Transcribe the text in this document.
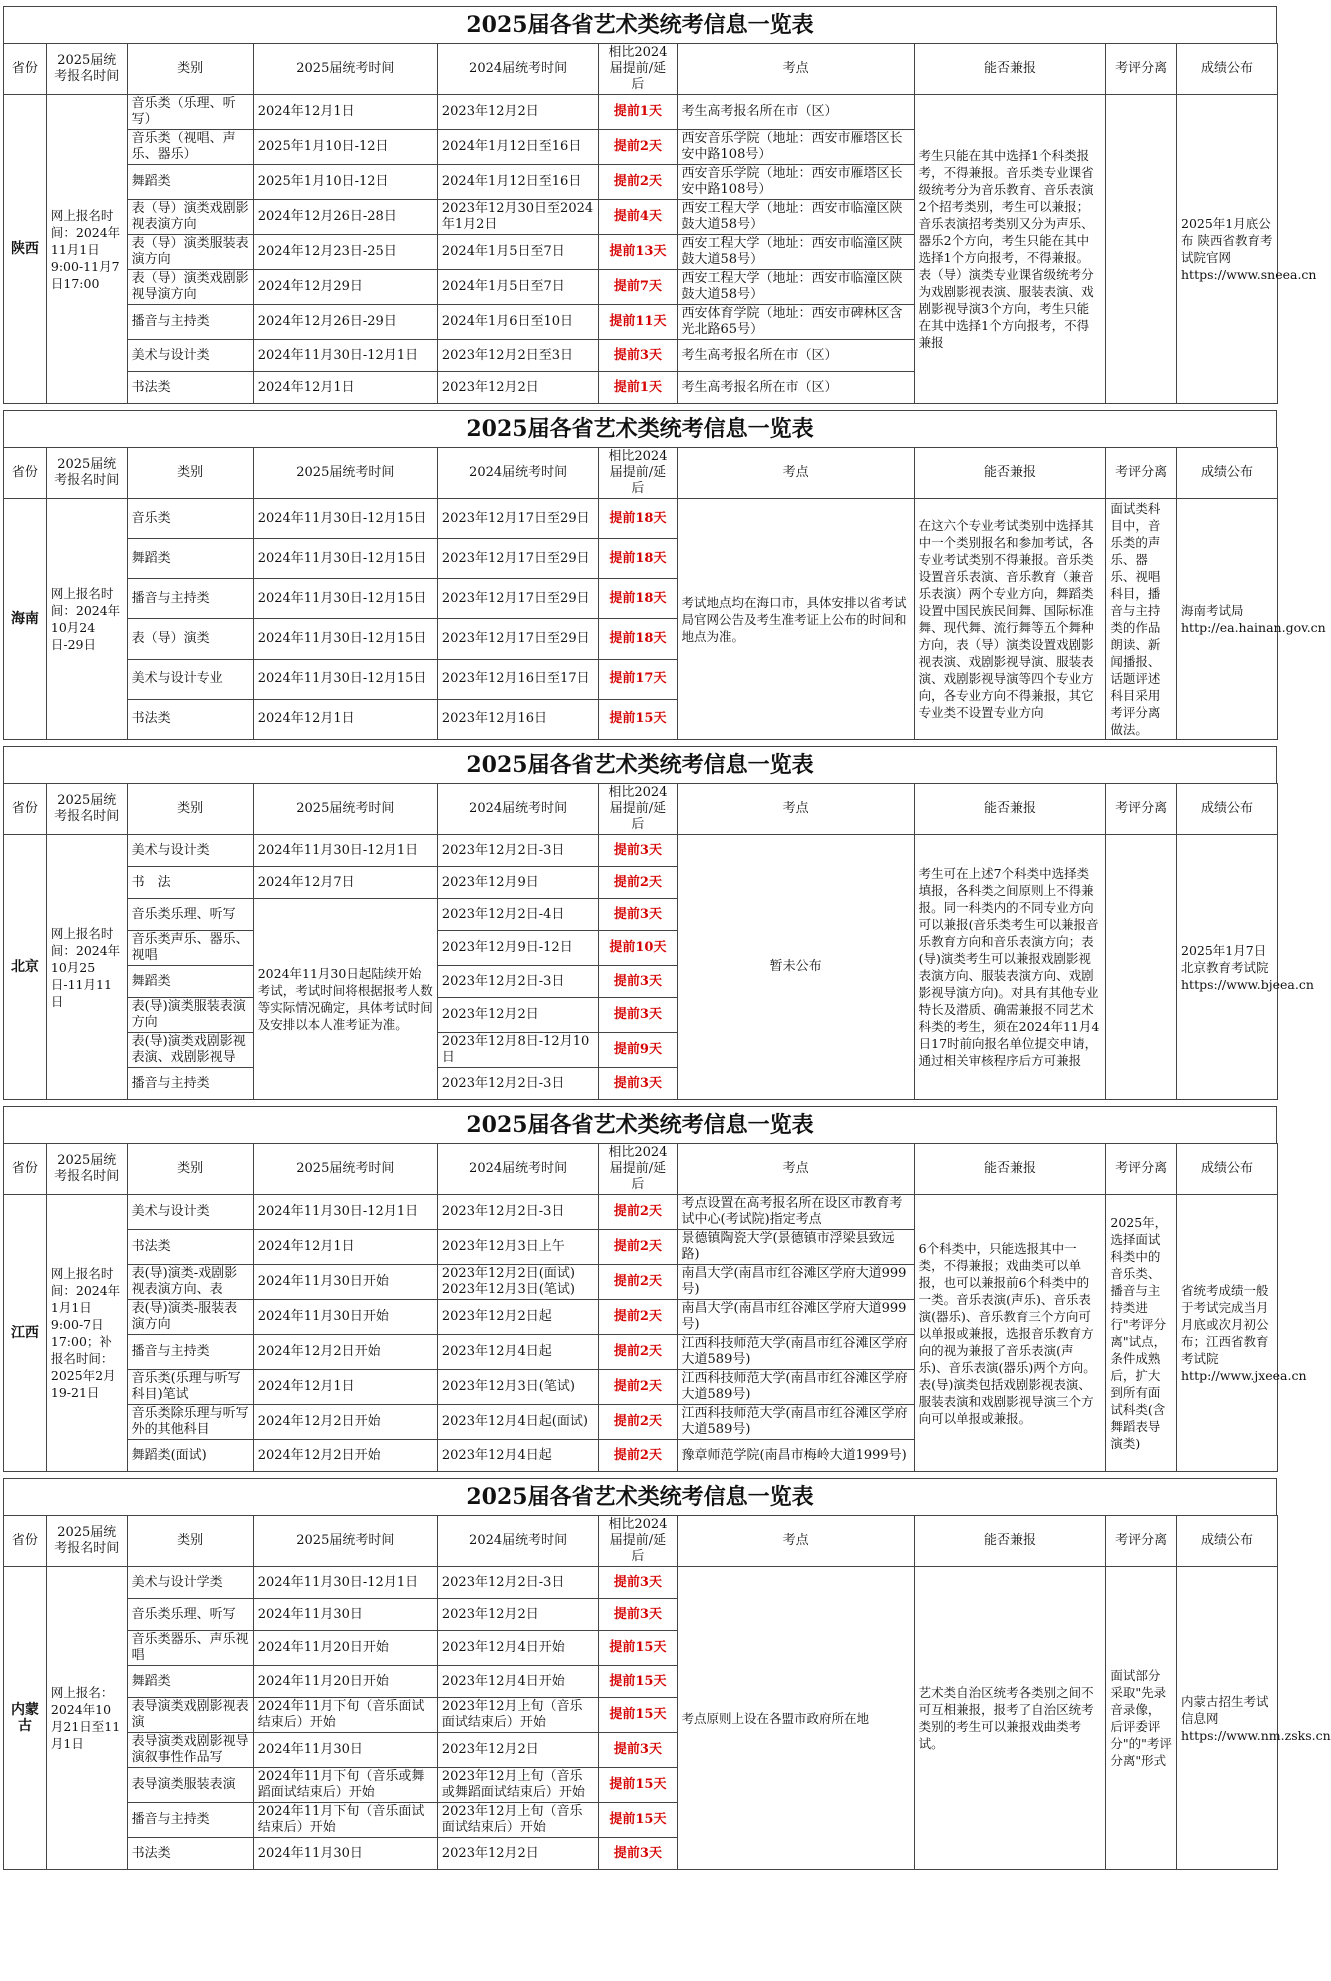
2025届各省艺术类统考信息一览表
省份	2025届统考报名时间	类别	2025届统考时间	2024届统考时间	相比2024届提前/延后	考点	能否兼报	考评分离	成绩公布
陕西	网上报名时间：2024年11月1日9:00-11月7日17:00	音乐类（乐理、听写）	2024年12月1日	2023年12月2日	提前1天	考生高考报名所在市（区）	考生只能在其中选择1个科类报考，不得兼报。音乐类专业课省级统考分为音乐教育、音乐表演2个招考类别，考生可以兼报；音乐表演招考类别又分为声乐、器乐2个方向，考生只能在其中选择1个方向报考，不得兼报。表（导）演类专业课省级统考分为戏剧影视表演、服装表演、戏剧影视导演3个方向，考生只能在其中选择1个方向报考，不得兼报		2025年1月底公布 陕西省教育考试院官网 https://www.sneea.cn
		音乐类（视唱、声乐、器乐）	2025年1月10日-12日	2024年1月12日至16日	提前2天	西安音乐学院（地址：西安市雁塔区长安中路108号）			
		舞蹈类	2025年1月10日-12日	2024年1月12日至16日	提前2天	西安音乐学院（地址：西安市雁塔区长安中路108号）			
		表（导）演类戏剧影视表演方向	2024年12月26日-28日	2023年12月30日至2024年1月2日	提前4天	西安工程大学（地址：西安市临潼区陕鼓大道58号）			
		表（导）演类服装表演方向	2024年12月23日-25日	2024年1月5日至7日	提前13天	西安工程大学（地址：西安市临潼区陕鼓大道58号）			
		表（导）演类戏剧影视导演方向	2024年12月29日	2024年1月5日至7日	提前7天	西安工程大学（地址：西安市临潼区陕鼓大道58号）			
		播音与主持类	2024年12月26日-29日	2024年1月6日至10日	提前11天	西安体育学院（地址：西安市碑林区含光北路65号）			
		美术与设计类	2024年11月30日-12月1日	2023年12月2日至3日	提前3天	考生高考报名所在市（区）			
		书法类	2024年12月1日	2023年12月2日	提前1天	考生高考报名所在市（区）			
2025届各省艺术类统考信息一览表
省份	2025届统考报名时间	类别	2025届统考时间	2024届统考时间	相比2024届提前/延后	考点	能否兼报	考评分离	成绩公布
海南	网上报名时间：2024年10月24日-29日	音乐类	2024年11月30日-12月15日	2023年12月17日至29日	提前18天	考试地点均在海口市，具体安排以省考试局官网公告及考生准考证上公布的时间和地点为准。	在这六个专业考试类别中选择其中一个类别报名和参加考试，各专业考试类别不得兼报。音乐类设置音乐表演、音乐教育（兼音乐表演）两个专业方向，舞蹈类设置中国民族民间舞、国际标准舞、现代舞、流行舞等五个舞种方向，表（导）演类设置戏剧影视表演、戏剧影视导演、服装表演、戏剧影视导演等四个专业方向，各专业方向不得兼报，其它专业类不设置专业方向	面试类科目中，音乐类的声乐、器乐、视唱科目，播音与主持类的作品朗读、新闻播报、话题评述科目采用考评分离做法。	海南考试局 http://ea.hainan.gov.cn
		舞蹈类	2024年11月30日-12月15日	2023年12月17日至29日	提前18天				
		播音与主持类	2024年11月30日-12月15日	2023年12月17日至29日	提前18天				
		表（导）演类	2024年11月30日-12月15日	2023年12月17日至29日	提前18天				
		美术与设计专业	2024年11月30日-12月15日	2023年12月16日至17日	提前17天				
		书法类	2024年12月1日	2023年12月16日	提前15天				
2025届各省艺术类统考信息一览表
省份	2025届统考报名时间	类别	2025届统考时间	2024届统考时间	相比2024届提前/延后	考点	能否兼报	考评分离	成绩公布
北京	网上报名时间：2024年10月25日-11月11日	美术与设计类	2024年11月30日-12月1日	2023年12月2日-3日	提前3天	暂未公布	考生可在上述7个科类中选择类填报，各科类之间原则上不得兼报。同一科类内的不同专业方向可以兼报(音乐类考生可以兼报音乐教育方向和音乐表演方向；表(导)演类考生可以兼报戏剧影视表演方向、服装表演方向、戏剧影视导演方向)。对具有其他专业特长及潜质、确需兼报不同艺术科类的考生，须在2024年11月4日17时前向报名单位提交申请，通过相关审核程序后方可兼报		2025年1月7日 北京教育考试院 https://www.bjeea.cn
		书　法	2024年12月7日	2023年12月9日	提前2天				
		音乐类乐理、听写	2024年11月30日起陆续开始考试，考试时间将根据报考人数等实际情况确定，具体考试时间及安排以本人准考证为准。	2023年12月2日-4日	提前3天				
		音乐类声乐、器乐、视唱		2023年12月9日-12日	提前10天				
		舞蹈类		2023年12月2日-3日	提前3天				
		表(导)演类服装表演方向		2023年12月2日	提前3天				
		表(导)演类戏剧影视表演、戏剧影视导		2023年12月8日-12月10日	提前9天				
		播音与主持类		2023年12月2日-3日	提前3天				
2025届各省艺术类统考信息一览表
省份	2025届统考报名时间	类别	2025届统考时间	2024届统考时间	相比2024届提前/延后	考点	能否兼报	考评分离	成绩公布
江西	网上报名时间：2024年1月1日9:00-7日17:00；补报名时间：2025年2月19-21日	美术与设计类	2024年11月30日-12月1日	2023年12月2日-3日	提前2天	考点设置在高考报名所在设区市教育考试中心(考试院)指定考点	6个科类中，只能选报其中一类，不得兼报；戏曲类可以单报，也可以兼报前6个科类中的一类。音乐表演(声乐)、音乐表演(器乐)、音乐教育三个方向可以单报或兼报，选报音乐教育方向的视为兼报了音乐表演(声乐)、音乐表演(器乐)两个方向。表(导)演类包括戏剧影视表演、服装表演和戏剧影视导演三个方向可以单报或兼报。	2025年，选择面试科类中的音乐类、播音与主持类进行"考评分离"试点，条件成熟后，扩大到所有面试科类(含舞蹈表导演类)	省统考成绩一般于考试完成当月月底或次月初公布；江西省教育考试院 http://www.jxeea.cn
		书法类	2024年12月1日	2023年12月3日上午	提前2天	景德镇陶瓷大学(景德镇市浮梁县致远路)			
		表(导)演类-戏剧影视表演方向、表	2024年11月30日开始	2023年12月2日(面试) 2023年12月3日(笔试)	提前2天	南昌大学(南昌市红谷滩区学府大道999号)			
		表(导)演类-服装表演方向	2024年11月30日开始	2023年12月2日起	提前2天	南昌大学(南昌市红谷滩区学府大道999号)			
		播音与主持类	2024年12月2日开始	2023年12月4日起	提前2天	江西科技师范大学(南昌市红谷滩区学府大道589号)			
		音乐类(乐理与听写科目)笔试	2024年12月1日	2023年12月3日(笔试)	提前2天	江西科技师范大学(南昌市红谷滩区学府大道589号)			
		音乐类除乐理与听写外的其他科目	2024年12月2日开始	2023年12月4日起(面试)	提前2天	江西科技师范大学(南昌市红谷滩区学府大道589号)			
		舞蹈类(面试)	2024年12月2日开始	2023年12月4日起	提前2天	豫章师范学院(南昌市梅岭大道1999号)			
2025届各省艺术类统考信息一览表
省份	2025届统考报名时间	类别	2025届统考时间	2024届统考时间	相比2024届提前/延后	考点	能否兼报	考评分离	成绩公布
内蒙古	网上报名：2024年10月21日至11月1日	美术与设计学类	2024年11月30日-12月1日	2023年12月2日-3日	提前3天	考点原则上设在各盟市政府所在地	艺术类自治区统考各类别之间不可互相兼报，报考了自治区统考类别的考生可以兼报戏曲类考试。	面试部分采取"先录音录像，后评委评分"的"考评分离"形式	内蒙古招生考试信息网 https://www.nm.zsks.cn
		音乐类乐理、听写	2024年11月30日	2023年12月2日	提前3天				
		音乐类器乐、声乐视唱	2024年11月20日开始	2023年12月4日开始	提前15天				
		舞蹈类	2024年11月20日开始	2023年12月4日开始	提前15天				
		表导演类戏剧影视表演	2024年11月下旬（音乐面试结束后）开始	2023年12月上旬（音乐面试结束后）开始	提前15天				
		表导演类戏剧影视导演叙事性作品写	2024年11月30日	2023年12月2日	提前3天				
		表导演类服装表演	2024年11月下旬（音乐或舞蹈面试结束后）开始	2023年12月上旬（音乐或舞蹈面试结束后）开始	提前15天				
		播音与主持类	2024年11月下旬（音乐面试结束后）开始	2023年12月上旬（音乐面试结束后）开始	提前15天				
		书法类	2024年11月30日	2023年12月2日	提前3天				
